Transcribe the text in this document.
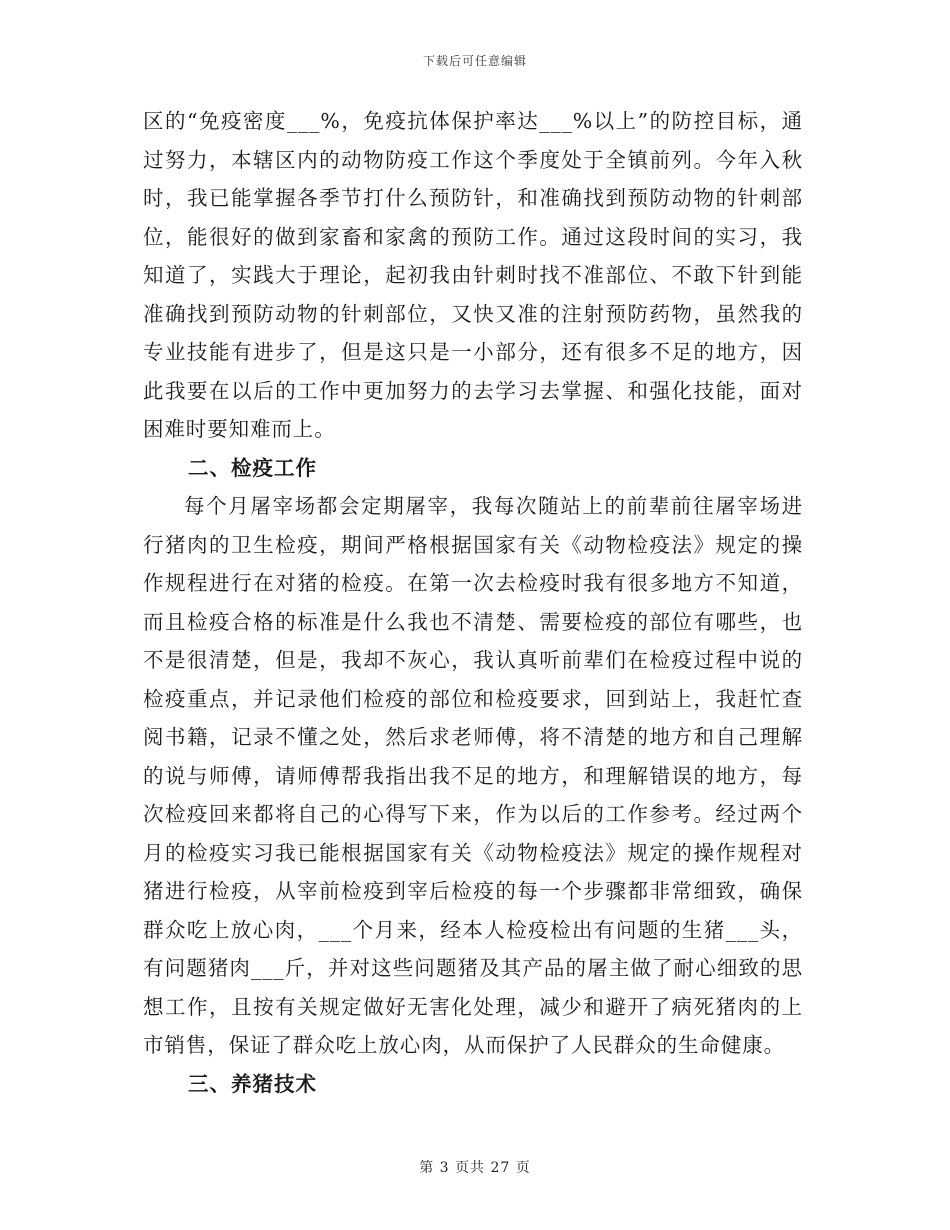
下载后可任意编辑

区的“免疫密度___%，免疫抗体保护率达___%以上”的防控目标，通过努力，本辖区内的动物防疫工作这个季度处于全镇前列。今年入秋时，我已能掌握各季节打什么预防针，和准确找到预防动物的针刺部位，能很好的做到家畜和家禽的预防工作。通过这段时间的实习，我知道了，实践大于理论，起初我由针刺时找不准部位、不敢下针到能准确找到预防动物的针刺部位，又快又准的注射预防药物，虽然我的专业技能有进步了，但是这只是一小部分，还有很多不足的地方，因此我要在以后的工作中更加努力的去学习去掌握、和强化技能，面对困难时要知难而上。

二、检疫工作

每个月屠宰场都会定期屠宰，我每次随站上的前辈前往屠宰场进行猪肉的卫生检疫，期间严格根据国家有关《动物检疫法》规定的操作规程进行在对猪的检疫。在第一次去检疫时我有很多地方不知道，而且检疫合格的标准是什么我也不清楚、需要检疫的部位有哪些，也不是很清楚，但是，我却不灰心，我认真听前辈们在检疫过程中说的检疫重点，并记录他们检疫的部位和检疫要求，回到站上，我赶忙查阅书籍，记录不懂之处，然后求老师傅，将不清楚的地方和自己理解的说与师傅，请师傅帮我指出我不足的地方，和理解错误的地方，每次检疫回来都将自己的心得写下来，作为以后的工作参考。经过两个月的检疫实习我已能根据国家有关《动物检疫法》规定的操作规程对猪进行检疫，从宰前检疫到宰后检疫的每一个步骤都非常细致，确保群众吃上放心肉，___个月来，经本人检疫检出有问题的生猪___头，有问题猪肉___斤，并对这些问题猪及其产品的屠主做了耐心细致的思想工作，且按有关规定做好无害化处理，减少和避开了病死猪肉的上市销售，保证了群众吃上放心肉，从而保护了人民群众的生命健康。

三、养猪技术

第 3 页共 27 页
